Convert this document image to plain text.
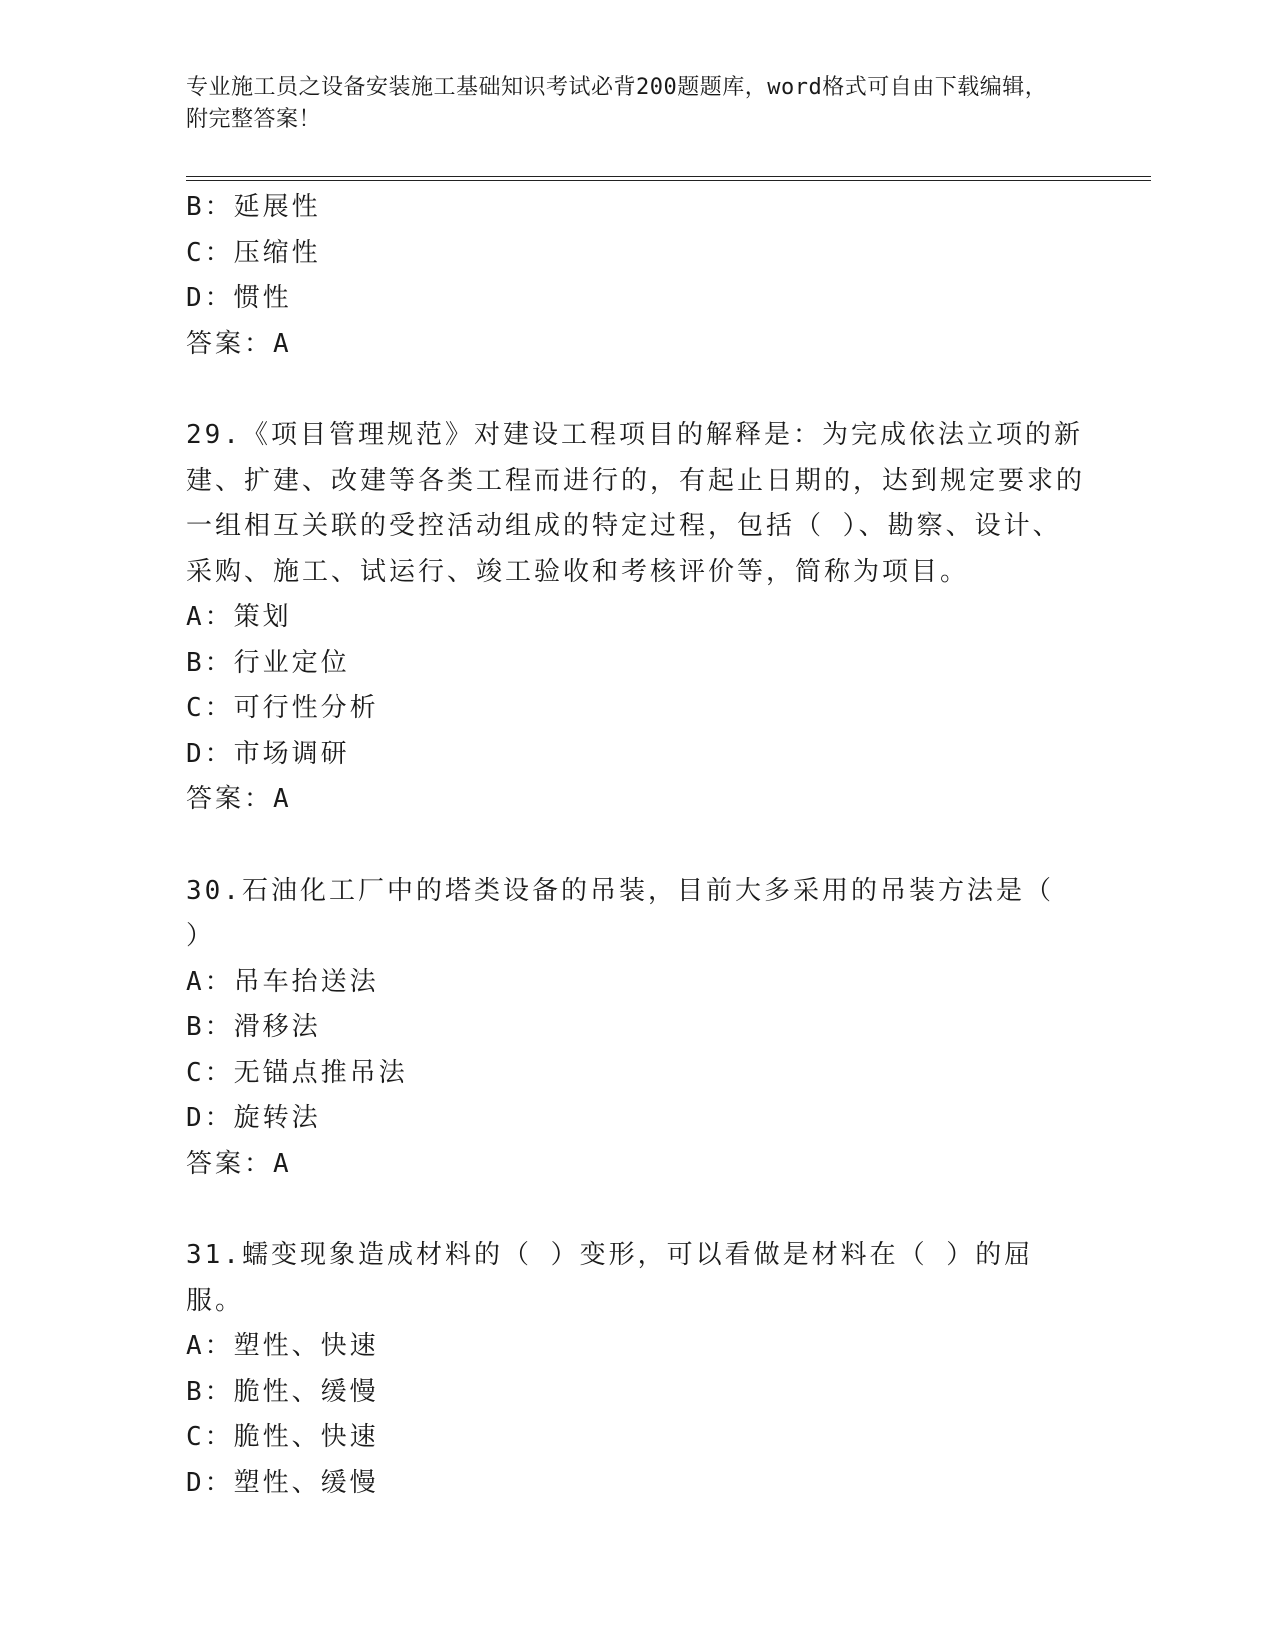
专业施工员之设备安装施工基础知识考试必背200题题库，word格式可自由下载编辑，附完整答案！
B：延展性
C：压缩性
D：惯性
答案：A
29.《项目管理规范》对建设工程项目的解释是：为完成依法立项的新建、扩建、改建等各类工程而进行的，有起止日期的，达到规定要求的一组相互关联的受控活动组成的特定过程，包括（ ）、勘察、设计、采购、施工、试运行、竣工验收和考核评价等，简称为项目。
A：策划
B：行业定位
C：可行性分析
D：市场调研
答案：A
30.石油化工厂中的塔类设备的吊装，目前大多采用的吊装方法是（ ）
A：吊车抬送法
B：滑移法
C：无锚点推吊法
D：旋转法
答案：A
31.蠕变现象造成材料的（ ）变形，可以看做是材料在（ ）的屈服。
A：塑性、快速
B：脆性、缓慢
C：脆性、快速
D：塑性、缓慢
